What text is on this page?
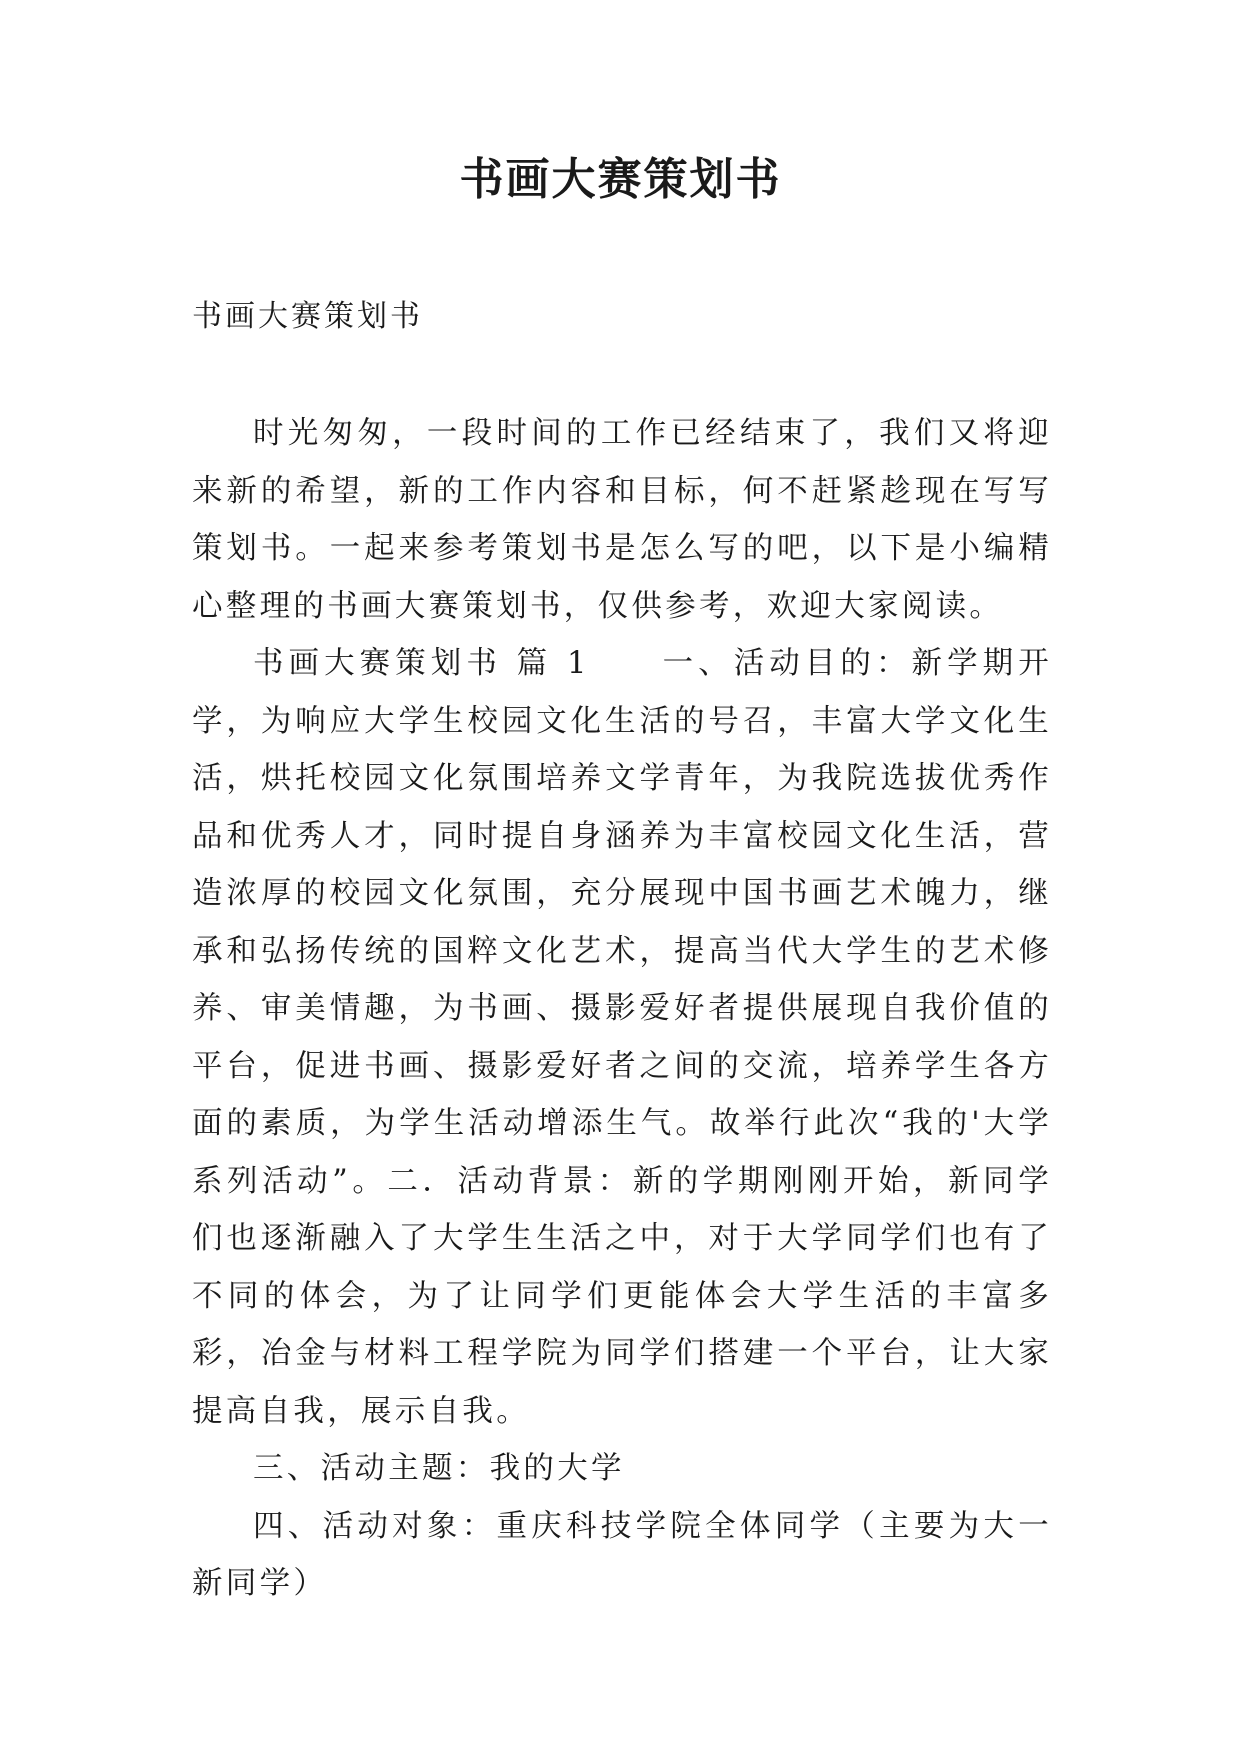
书画大赛策划书

书画大赛策划书

时光匆匆，一段时间的工作已经结束了，我们又将迎来新的希望，新的工作内容和目标，何不赶紧趁现在写写策划书。一起来参考策划书是怎么写的吧，以下是小编精心整理的书画大赛策划书，仅供参考，欢迎大家阅读。

书画大赛策划书 篇 1　　一、活动目的：新学期开学，为响应大学生校园文化生活的号召，丰富大学文化生活，烘托校园文化氛围培养文学青年，为我院选拔优秀作品和优秀人才，同时提自身涵养为丰富校园文化生活，营造浓厚的校园文化氛围，充分展现中国书画艺术魄力，继承和弘扬传统的国粹文化艺术，提高当代大学生的艺术修养、审美情趣，为书画、摄影爱好者提供展现自我价值的平台，促进书画、摄影爱好者之间的交流，培养学生各方面的素质，为学生活动增添生气。故举行此次“我的'大学系列活动”。二．活动背景：新的学期刚刚开始，新同学们也逐渐融入了大学生生活之中，对于大学同学们也有了不同的体会，为了让同学们更能体会大学生活的丰富多彩，冶金与材料工程学院为同学们搭建一个平台，让大家提高自我，展示自我。

三、活动主题：我的大学

四、活动对象：重庆科技学院全体同学（主要为大一新同学）
